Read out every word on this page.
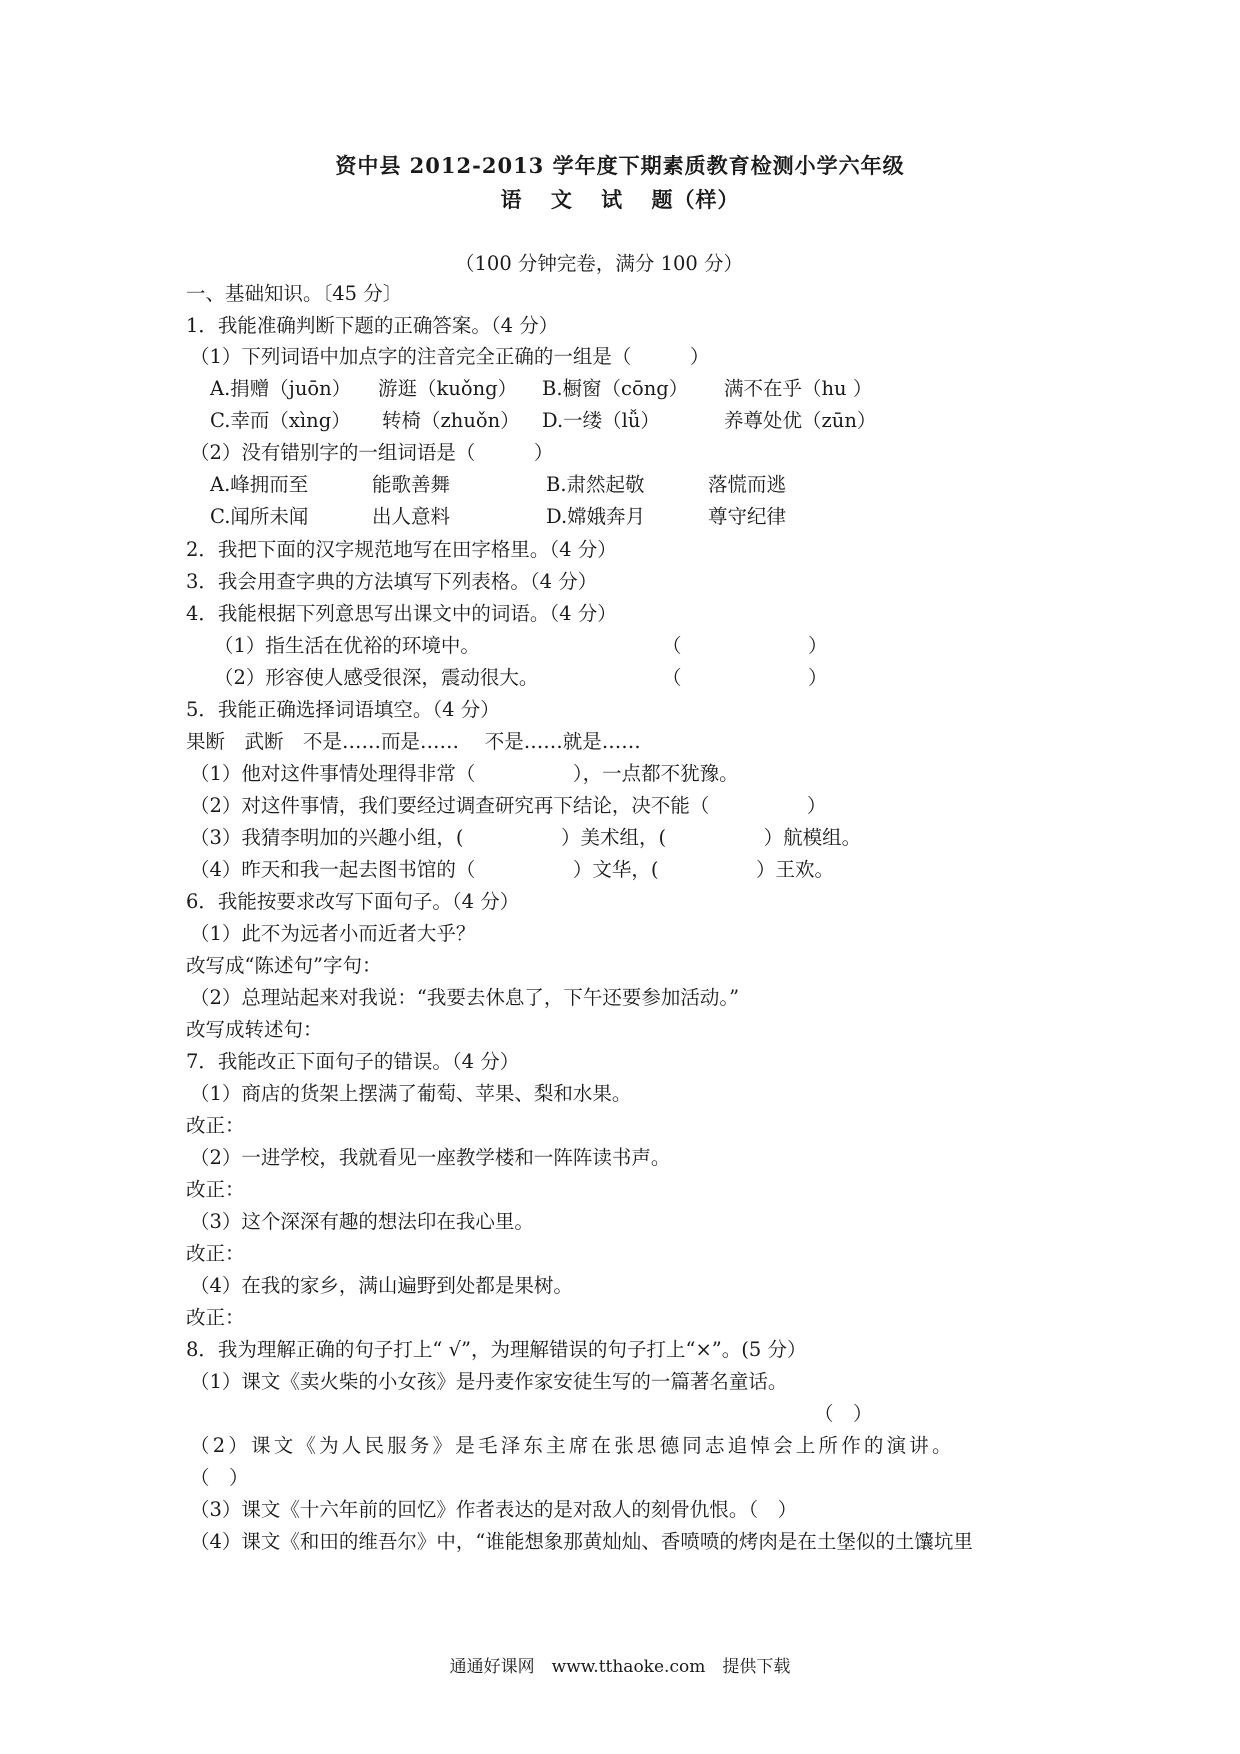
资中县 2012-2013 学年度下期素质教育检测小学六年级
语 文 试 题（样）
（100 分钟完卷，满分 100 分）
一、基础知识。〔45 分〕
1．我能准确判断下题的正确答案。（4 分）
（1）下列词语中加点字的注音完全正确的一组是（　　　）
A.捐赠（juōn） 游逛（kuǒng） B.橱窗（cōng） 满不在乎（hu ）
C.幸而（xìng） 转椅（zhuǒn） D.一缕（lǚ）	养尊处优（zūn）
（2）没有错别字的一组词语是（　　　）
A.峰拥而至	能歌善舞	B.肃然起敬	落慌而逃
C.闻所未闻	出人意料	D.嫦娥奔月	尊守纪律
2．我把下面的汉字规范地写在田字格里。（4 分）
3．我会用查字典的方法填写下列表格。（4 分）
4．我能根据下列意思写出课文中的词语。（4 分）
（1）指生活在优裕的环境中。	（	）
（2）形容使人感受很深，震动很大。	（	）
5．我能正确选择词语填空。（4 分）
果断　武断　不是……而是……　 不是……就是……
（1）他对这件事情处理得非常（　　　　　），一点都不犹豫。
（2）对这件事情，我们要经过调查研究再下结论，决不能（　　　　　）
（3）我猜李明加的兴趣小组，(　　　　　）美术组，(　　　　　）航模组。
（4）昨天和我一起去图书馆的（　　　　　）文华，(　　　　　）王欢。
6．我能按要求改写下面句子。（4 分）
（1）此不为远者小而近者大乎？
改写成“陈述句”字句：
（2）总理站起来对我说：“我要去休息了，下午还要参加活动。”
改写成转述句：
7．我能改正下面句子的错误。（4 分）
（1）商店的货架上摆满了葡萄、苹果、梨和水果。
改正：
（2）一进学校，我就看见一座教学楼和一阵阵读书声。
改正：
（3）这个深深有趣的想法印在我心里。
改正：
（4）在我的家乡，满山遍野到处都是果树。
改正：
8．我为理解正确的句子打上“ √”，为理解错误的句子打上“×”。(5 分）
（1）课文《卖火柴的小女孩》是丹麦作家安徒生写的一篇著名童话。
（　）
（2）课文《为人民服务》是毛泽东主席在张思德同志追悼会上所作的演讲。
（　）
（3）课文《十六年前的回忆》作者表达的是对敌人的刻骨仇恨。（　）
（4）课文《和田的维吾尔》中，“谁能想象那黄灿灿、香喷喷的烤肉是在土堡似的土馕坑里
通通好课网　www.tthaoke.com　提供下载
